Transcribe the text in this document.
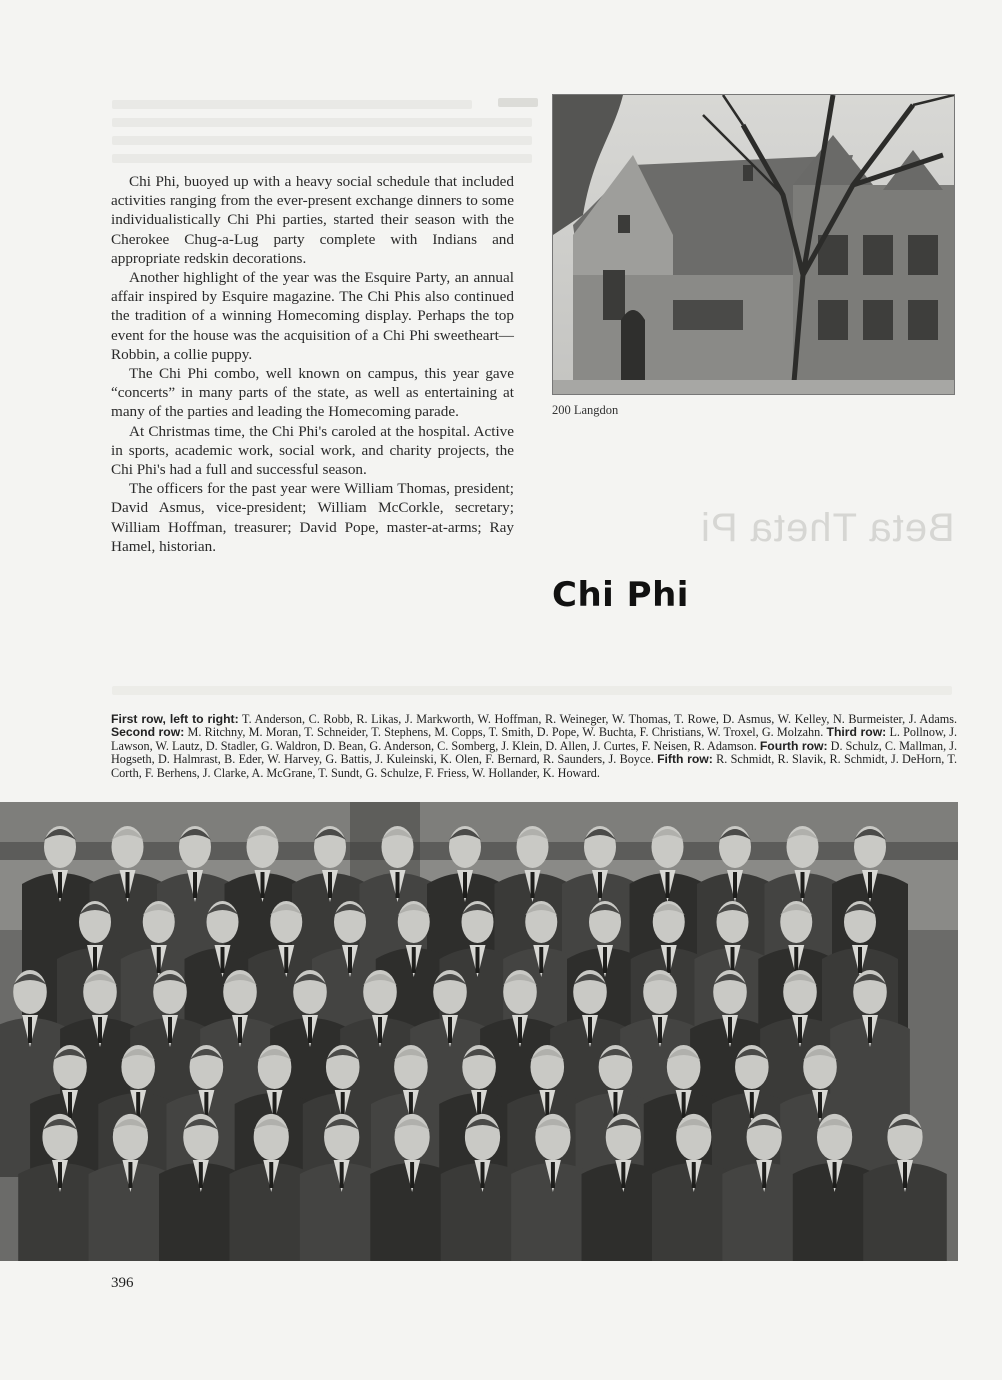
Beta Theta Pi

Chi Phi, buoyed up with a heavy social schedule that included activities ranging from the ever-present exchange dinners to some individualistically Chi Phi parties, started their season with the Cherokee Chug-a-Lug party complete with Indians and appropriate redskin decorations.

Another highlight of the year was the Esquire Party, an annual affair inspired by Esquire magazine. The Chi Phis also continued the tradition of a winning Homecoming display. Perhaps the top event for the house was the acquisition of a Chi Phi sweetheart—Robbin, a collie puppy.

The Chi Phi combo, well known on campus, this year gave “concerts” in many parts of the state, as well as entertaining at many of the parties and leading the Homecoming parade.

At Christmas time, the Chi Phi's caroled at the hospital. Active in sports, academic work, social work, and charity projects, the Chi Phi's had a full and successful season.

The officers for the past year were William Thomas, president; David Asmus, vice-president; William McCorkle, secretary; William Hoffman, treasurer; David Pope, master-at-arms; Ray Hamel, historian.

200 Langdon
Chi Phi
First row, left to right: T. Anderson, C. Robb, R. Likas, J. Markworth, W. Hoffman, R. Weineger, W. Thomas, T. Rowe, D. Asmus, W. Kelley, N. Burmeister, J. Adams. Second row: M. Ritchny, M. Moran, T. Schneider, T. Stephens, M. Copps, T. Smith, D. Pope, W. Buchta, F. Christians, W. Troxel, G. Molzahn. Third row: L. Pollnow, J. Lawson, W. Lautz, D. Stadler, G. Waldron, D. Bean, G. Anderson, C. Somberg, J. Klein, D. Allen, J. Curtes, F. Neisen, R. Adamson. Fourth row: D. Schulz, C. Mallman, J. Hogseth, D. Halmrast, B. Eder, W. Harvey, G. Battis, J. Kuleinski, K. Olen, F. Bernard, R. Saunders, J. Boyce. Fifth row: R. Schmidt, R. Slavik, R. Schmidt, J. DeHorn, T. Corth, F. Berhens, J. Clarke, A. McGrane, T. Sundt, G. Schulze, F. Friess, W. Hollander, K. Howard.
396
